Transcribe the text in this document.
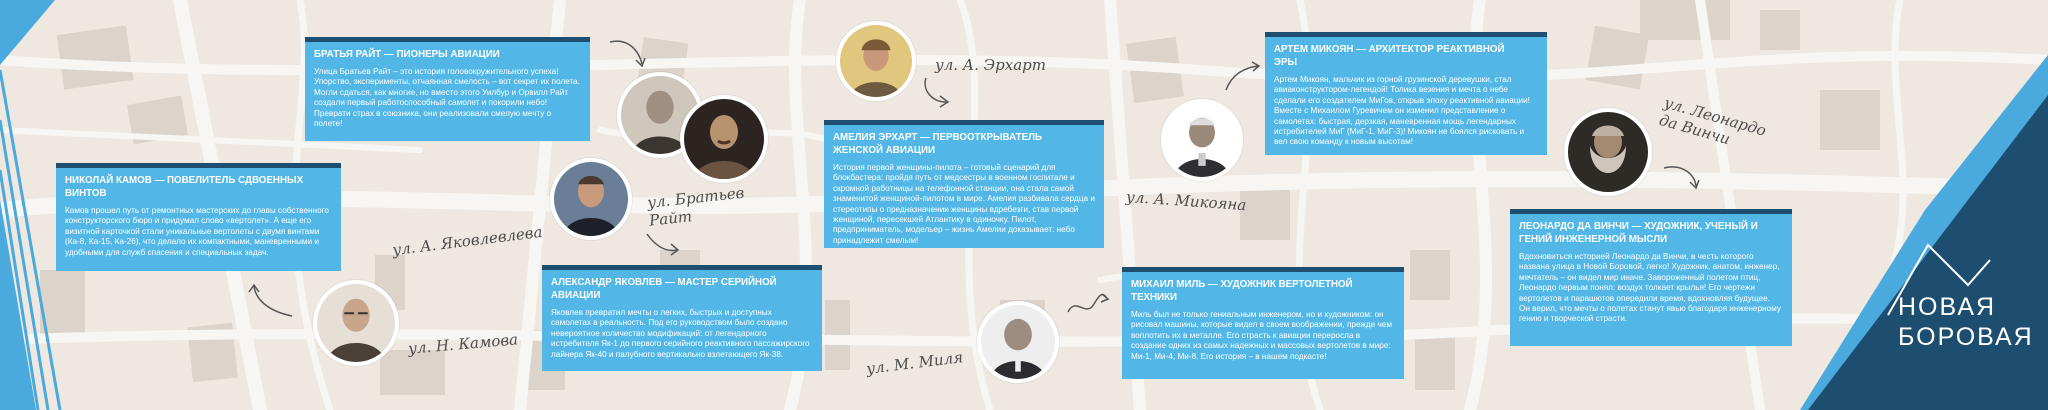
БРАТЬЯ РАЙТ — ПИОНЕРЫ АВИАЦИИ
Улица Братьев Райт – это история головокружительного успеха! Упорство, эксперименты, отчаянная смелость – вот секрет их полета. Могли сдаться, как многие, но вместо этого Уилбур и Орвилл Райт создали первый работоспособный самолет и покорили небо! Преврати страх в союзника, они реализовали смелую мечту о полете!
НИКОЛАЙ КАМОВ — ПОВЕЛИТЕЛЬ СДВОЕННЫХ ВИНТОВ
Камов прошел путь от ремонтных мастерских до главы собственного конструкторского бюро и придумал слово «вертолет». А еще его визитной карточкой стали уникальные вертолеты с двумя винтами (Ка-8, Ка-15, Ка-26), что делало их компактными, маневренными и удобными для служб спасения и специальных задач.
АМЕЛИЯ ЭРХАРТ — ПЕРВООТКРЫВАТЕЛЬ ЖЕНСКОЙ АВИАЦИИ
История первой женщины-пилота – готовый сценарий для блокбастера: пройдя путь от медсестры в военном госпитале и скромной работницы на телефонной станции, она стала самой знаменитой женщиной-пилотом в мире. Амелия разбивала сердца и стереотипы о предназначении женщины вдребезги, став первой женщиной, пересекшей Атлантику в одиночку. Пилот, предприниматель, модельер – жизнь Амелии доказывает: небо принадлежит смелым!
АЛЕКСАНДР ЯКОВЛЕВ — МАСТЕР СЕРИЙНОЙ АВИАЦИИ
Яковлев превратил мечты о легких, быстрых и доступных самолетах в реальность. Под его руководством было создано невероятное количество модификаций: от легендарного истребителя Як-1 до первого серийного реактивного пассажирского лайнера Як-40 и палубного вертикально взлетающего Як-38.
АРТЕМ МИКОЯН — АРХИТЕКТОР РЕАКТИВНОЙ ЭРЫ
Артем Микоян, мальчик из горной грузинской деревушки, стал авиаконструктором-легендой! Толика везения и мечта о небе сделали его создателем МиГов, открыв эпоху реактивной авиации! Вместе с Михаилом Гуревичем он изменил представление о самолетах: быстрая, дерзкая, маневренная мощь легендарных истребителей МиГ (МиГ-1, МиГ-3)! Микоян не боялся рисковать и вел свою команду к новым высотам!
МИХАИЛ МИЛЬ — ХУДОЖНИК ВЕРТОЛЕТНОЙ ТЕХНИКИ
Миль был не только гениальным инженером, но и художником: он рисовал машины, которые видел в своем воображении, прежде чем воплотить их в металле. Его страсть к авиации переросла в создание одних из самых надежных и массовых вертолетов в мире: Ми-1, Ми-4, Ми-8. Его история – в нашем подкасте!
ЛЕОНАРДО ДА ВИНЧИ — ХУДОЖНИК, УЧЕНЫЙ И ГЕНИЙ ИНЖЕНЕРНОЙ МЫСЛИ
Вдохновиться историей Леонардо да Винчи, в честь которого названа улица в Новой Боровой, легко! Художник, анатом, инженер, мечтатель – он видел мир иначе. Завороженный полетом птиц, Леонардо первым понял: воздух толкает крылья! Его чертежи вертолетов и парашютов опередили время, вдохновляя будущее. Он верил, что мечты о полетах станут явью благодаря инженерному гению и творческой страсти.
ул. Братьев Райт
ул. А. Эрхарт
ул. А. Микояна
ул. Леонардо да Винчи
ул. А. Яковлевлева
ул. Н. Камова
ул. М. Миля
НОВАЯ
БОРОВАЯ
